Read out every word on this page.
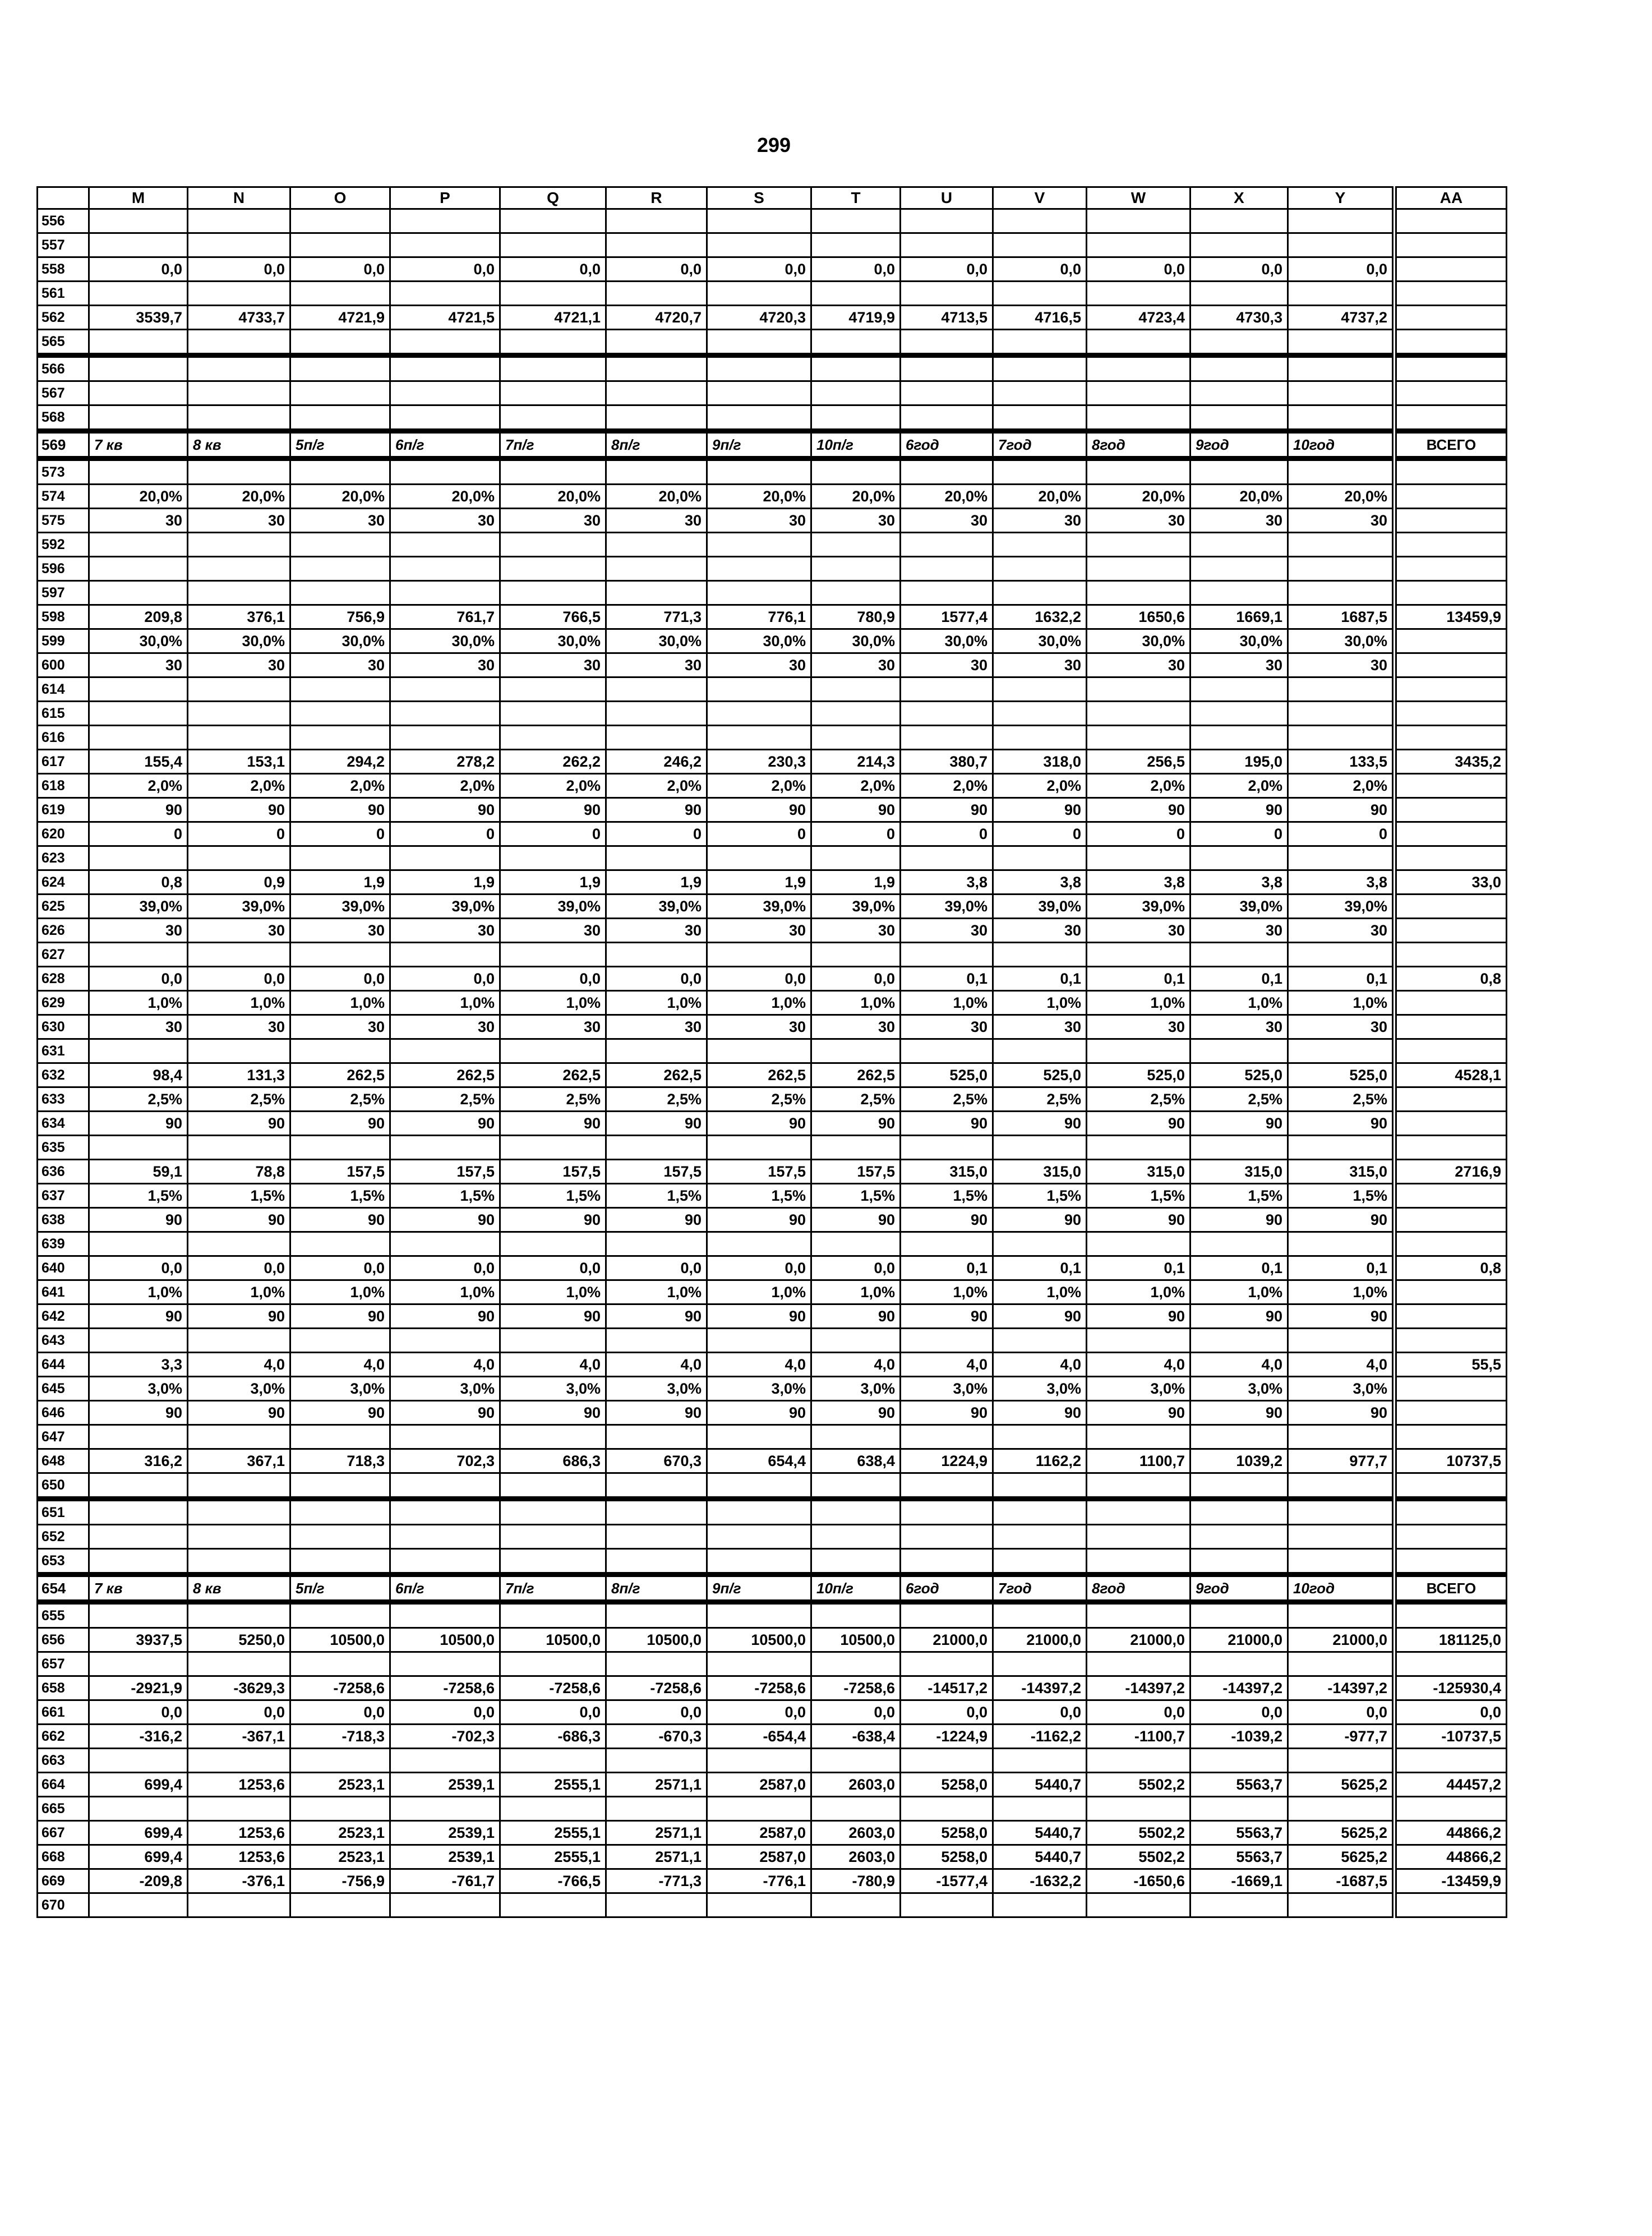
299
	M	N	O	P	Q	R	S	T	U	V	W	X	Y	AA
556														
557														
558	0,0	0,0	0,0	0,0	0,0	0,0	0,0	0,0	0,0	0,0	0,0	0,0	0,0	
561														
562	3539,7	4733,7	4721,9	4721,5	4721,1	4720,7	4720,3	4719,9	4713,5	4716,5	4723,4	4730,3	4737,2	
565														
566														
567														
568														
569	7 кв	8 кв	5п/г	6п/г	7п/г	8п/г	9п/г	10п/г	6год	7год	8год	9год	10год	ВСЕГО
573														
574	20,0%	20,0%	20,0%	20,0%	20,0%	20,0%	20,0%	20,0%	20,0%	20,0%	20,0%	20,0%	20,0%	
575	30	30	30	30	30	30	30	30	30	30	30	30	30	
592														
596														
597														
598	209,8	376,1	756,9	761,7	766,5	771,3	776,1	780,9	1577,4	1632,2	1650,6	1669,1	1687,5	13459,9
599	30,0%	30,0%	30,0%	30,0%	30,0%	30,0%	30,0%	30,0%	30,0%	30,0%	30,0%	30,0%	30,0%	
600	30	30	30	30	30	30	30	30	30	30	30	30	30	
614														
615														
616														
617	155,4	153,1	294,2	278,2	262,2	246,2	230,3	214,3	380,7	318,0	256,5	195,0	133,5	3435,2
618	2,0%	2,0%	2,0%	2,0%	2,0%	2,0%	2,0%	2,0%	2,0%	2,0%	2,0%	2,0%	2,0%	
619	90	90	90	90	90	90	90	90	90	90	90	90	90	
620	0	0	0	0	0	0	0	0	0	0	0	0	0	
623														
624	0,8	0,9	1,9	1,9	1,9	1,9	1,9	1,9	3,8	3,8	3,8	3,8	3,8	33,0
625	39,0%	39,0%	39,0%	39,0%	39,0%	39,0%	39,0%	39,0%	39,0%	39,0%	39,0%	39,0%	39,0%	
626	30	30	30	30	30	30	30	30	30	30	30	30	30	
627														
628	0,0	0,0	0,0	0,0	0,0	0,0	0,0	0,0	0,1	0,1	0,1	0,1	0,1	0,8
629	1,0%	1,0%	1,0%	1,0%	1,0%	1,0%	1,0%	1,0%	1,0%	1,0%	1,0%	1,0%	1,0%	
630	30	30	30	30	30	30	30	30	30	30	30	30	30	
631														
632	98,4	131,3	262,5	262,5	262,5	262,5	262,5	262,5	525,0	525,0	525,0	525,0	525,0	4528,1
633	2,5%	2,5%	2,5%	2,5%	2,5%	2,5%	2,5%	2,5%	2,5%	2,5%	2,5%	2,5%	2,5%	
634	90	90	90	90	90	90	90	90	90	90	90	90	90	
635														
636	59,1	78,8	157,5	157,5	157,5	157,5	157,5	157,5	315,0	315,0	315,0	315,0	315,0	2716,9
637	1,5%	1,5%	1,5%	1,5%	1,5%	1,5%	1,5%	1,5%	1,5%	1,5%	1,5%	1,5%	1,5%	
638	90	90	90	90	90	90	90	90	90	90	90	90	90	
639														
640	0,0	0,0	0,0	0,0	0,0	0,0	0,0	0,0	0,1	0,1	0,1	0,1	0,1	0,8
641	1,0%	1,0%	1,0%	1,0%	1,0%	1,0%	1,0%	1,0%	1,0%	1,0%	1,0%	1,0%	1,0%	
642	90	90	90	90	90	90	90	90	90	90	90	90	90	
643														
644	3,3	4,0	4,0	4,0	4,0	4,0	4,0	4,0	4,0	4,0	4,0	4,0	4,0	55,5
645	3,0%	3,0%	3,0%	3,0%	3,0%	3,0%	3,0%	3,0%	3,0%	3,0%	3,0%	3,0%	3,0%	
646	90	90	90	90	90	90	90	90	90	90	90	90	90	
647														
648	316,2	367,1	718,3	702,3	686,3	670,3	654,4	638,4	1224,9	1162,2	1100,7	1039,2	977,7	10737,5
650														
651														
652														
653														
654	7 кв	8 кв	5п/г	6п/г	7п/г	8п/г	9п/г	10п/г	6год	7год	8год	9год	10год	ВСЕГО
655														
656	3937,5	5250,0	10500,0	10500,0	10500,0	10500,0	10500,0	10500,0	21000,0	21000,0	21000,0	21000,0	21000,0	181125,0
657														
658	-2921,9	-3629,3	-7258,6	-7258,6	-7258,6	-7258,6	-7258,6	-7258,6	-14517,2	-14397,2	-14397,2	-14397,2	-14397,2	-125930,4
661	0,0	0,0	0,0	0,0	0,0	0,0	0,0	0,0	0,0	0,0	0,0	0,0	0,0	0,0
662	-316,2	-367,1	-718,3	-702,3	-686,3	-670,3	-654,4	-638,4	-1224,9	-1162,2	-1100,7	-1039,2	-977,7	-10737,5
663														
664	699,4	1253,6	2523,1	2539,1	2555,1	2571,1	2587,0	2603,0	5258,0	5440,7	5502,2	5563,7	5625,2	44457,2
665														
667	699,4	1253,6	2523,1	2539,1	2555,1	2571,1	2587,0	2603,0	5258,0	5440,7	5502,2	5563,7	5625,2	44866,2
668	699,4	1253,6	2523,1	2539,1	2555,1	2571,1	2587,0	2603,0	5258,0	5440,7	5502,2	5563,7	5625,2	44866,2
669	-209,8	-376,1	-756,9	-761,7	-766,5	-771,3	-776,1	-780,9	-1577,4	-1632,2	-1650,6	-1669,1	-1687,5	-13459,9
670														
